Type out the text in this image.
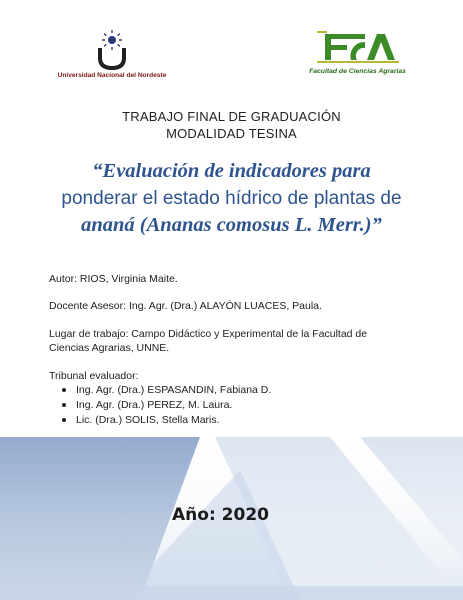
Universidad Nacional del Nordeste
Facultad de Ciencias Agrarias
TRABAJO FINAL DE GRADUACIÓN
MODALIDAD TESINA
“Evaluación de indicadores para
ponderar el estado hídrico de plantas de
ananá (Ananas comosus L. Merr.)”
Autor: RIOS, Virginia Maite.
Docente Asesor: Ing. Agr. (Dra.) ALAYÓN LUACES, Paula.
Lugar de trabajo: Campo Didáctico y Experimental de la Facultad de Ciencias Agrarias, UNNE.
Tribunal evaluador:
Ing. Agr. (Dra.) ESPASANDIN, Fabiana D.
Ing. Agr. (Dra.) PEREZ, M. Laura.
Lic. (Dra.) SOLIS, Stella Maris.
Año: 2020
